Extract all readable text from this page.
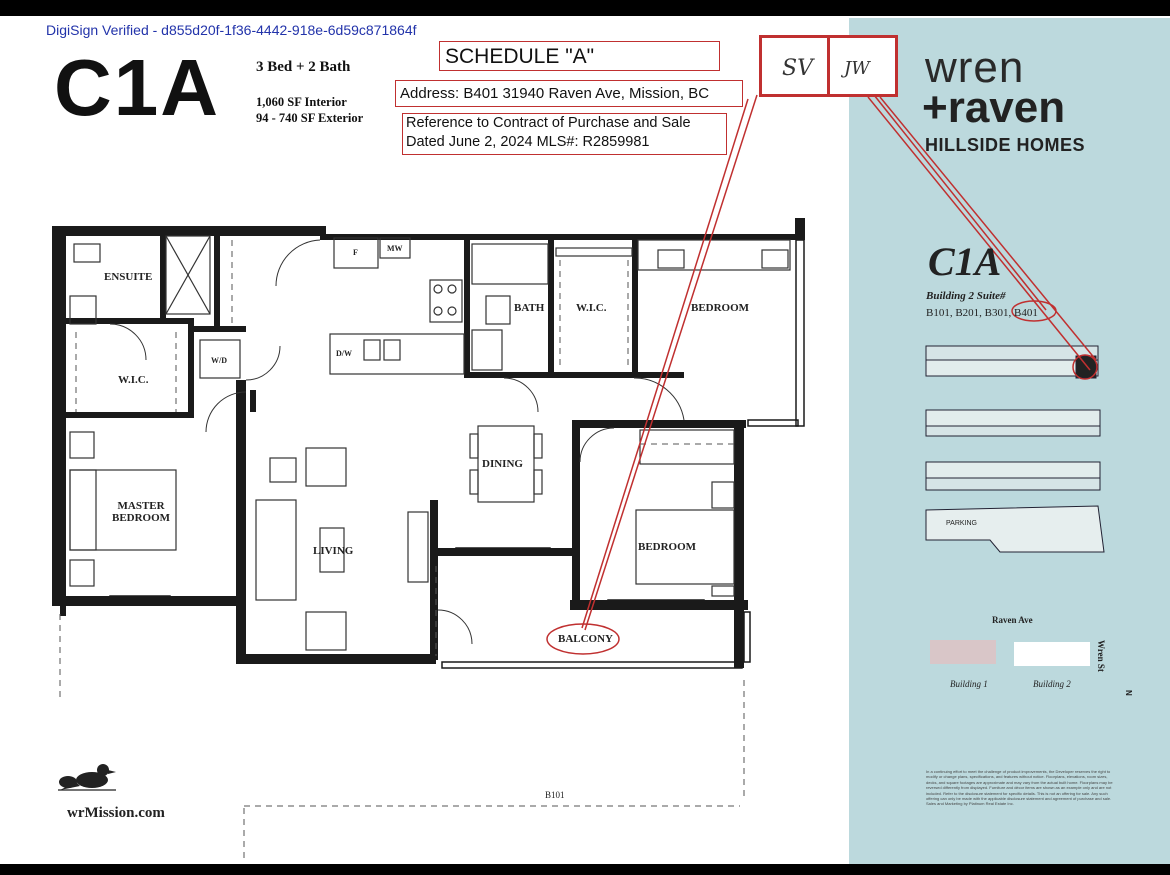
DigiSign Verified - d855d20f-1f36-4442-918e-6d59c871864f
C1A 3 Bed + 2 Bath
1,060 SF Interior
94 - 740 SF Exterior
SCHEDULE "A"
Address: B401 31940 Raven Ave, Mission, BC
Reference to Contract of Purchase and Sale
Dated June 2, 2024 MLS#: R2859981
SV JW wren
+raven
HILLSIDE HOMES
C1A
Building 2 Suite#
B101, B201, B301, B401
PARKING
Raven Ave
Wren St
Building 1	Building 2
N
In a continuing effort to meet the challenge of product improvements, the Developer reserves the right to modify or change plans, specifications, and features without notice. Floorplans, elevations, room sizes, decks, and square footages are approximate and may vary from the actual built home. Floorplans may be reversed differently from displayed. Furniture and décor items are shown as an example only and are not included. Refer to the disclosure statement for specific details. This is not an offering for sale. Any such offering can only be made with the applicable disclosure statement and agreement of purchase and sale. Sales and Marketing by Platinum Real Estate Inc.
ENSUITE
W.I.C.
MASTER
BEDROOM
W/D
F	MW
D/W
BATH	W.I.C.	BEDROOM
DINING
LIVING	BEDROOM
BALCONY
B101
wrMission.com
